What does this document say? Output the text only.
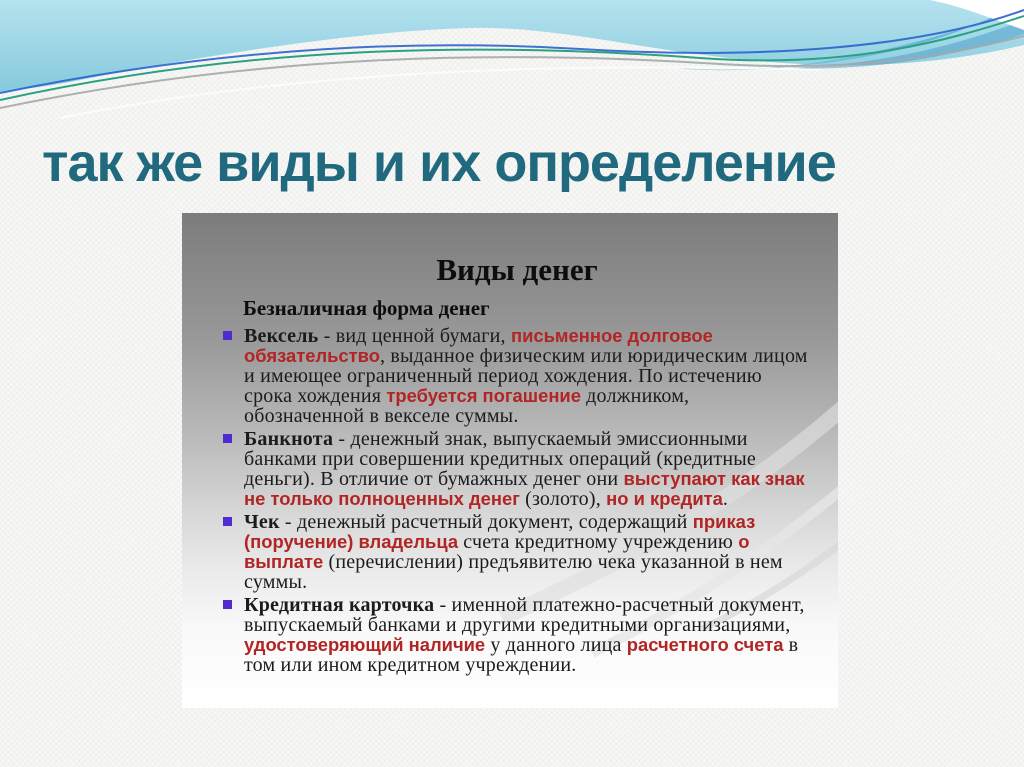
так же виды и их определение
Виды денег
Безналичная форма денег
Вексель - вид ценной бумаги, письменное долговое обязательство, выданное физическим или юридическим лицом и имеющее ограниченный период хождения. По истечению срока хождения требуется погашение должником, обозначенной в векселе суммы.
Банкнота - денежный знак, выпускаемый эмиссионными банками при совершении кредитных операций (кредитные деньги). В отличие от бумажных денег они выступают как знак не только полноценных денег (золото), но и кредита.
Чек - денежный расчетный документ, содержащий приказ (поручение) владельца счета кредитному учреждению о выплате (перечислении) предъявителю чека указанной в нем суммы.
Кредитная карточка - именной платежно-расчетный документ, выпускаемый банками и другими кредитными организациями, удостоверяющий наличие у данного лица расчетного счета в том или ином кредитном учреждении.
